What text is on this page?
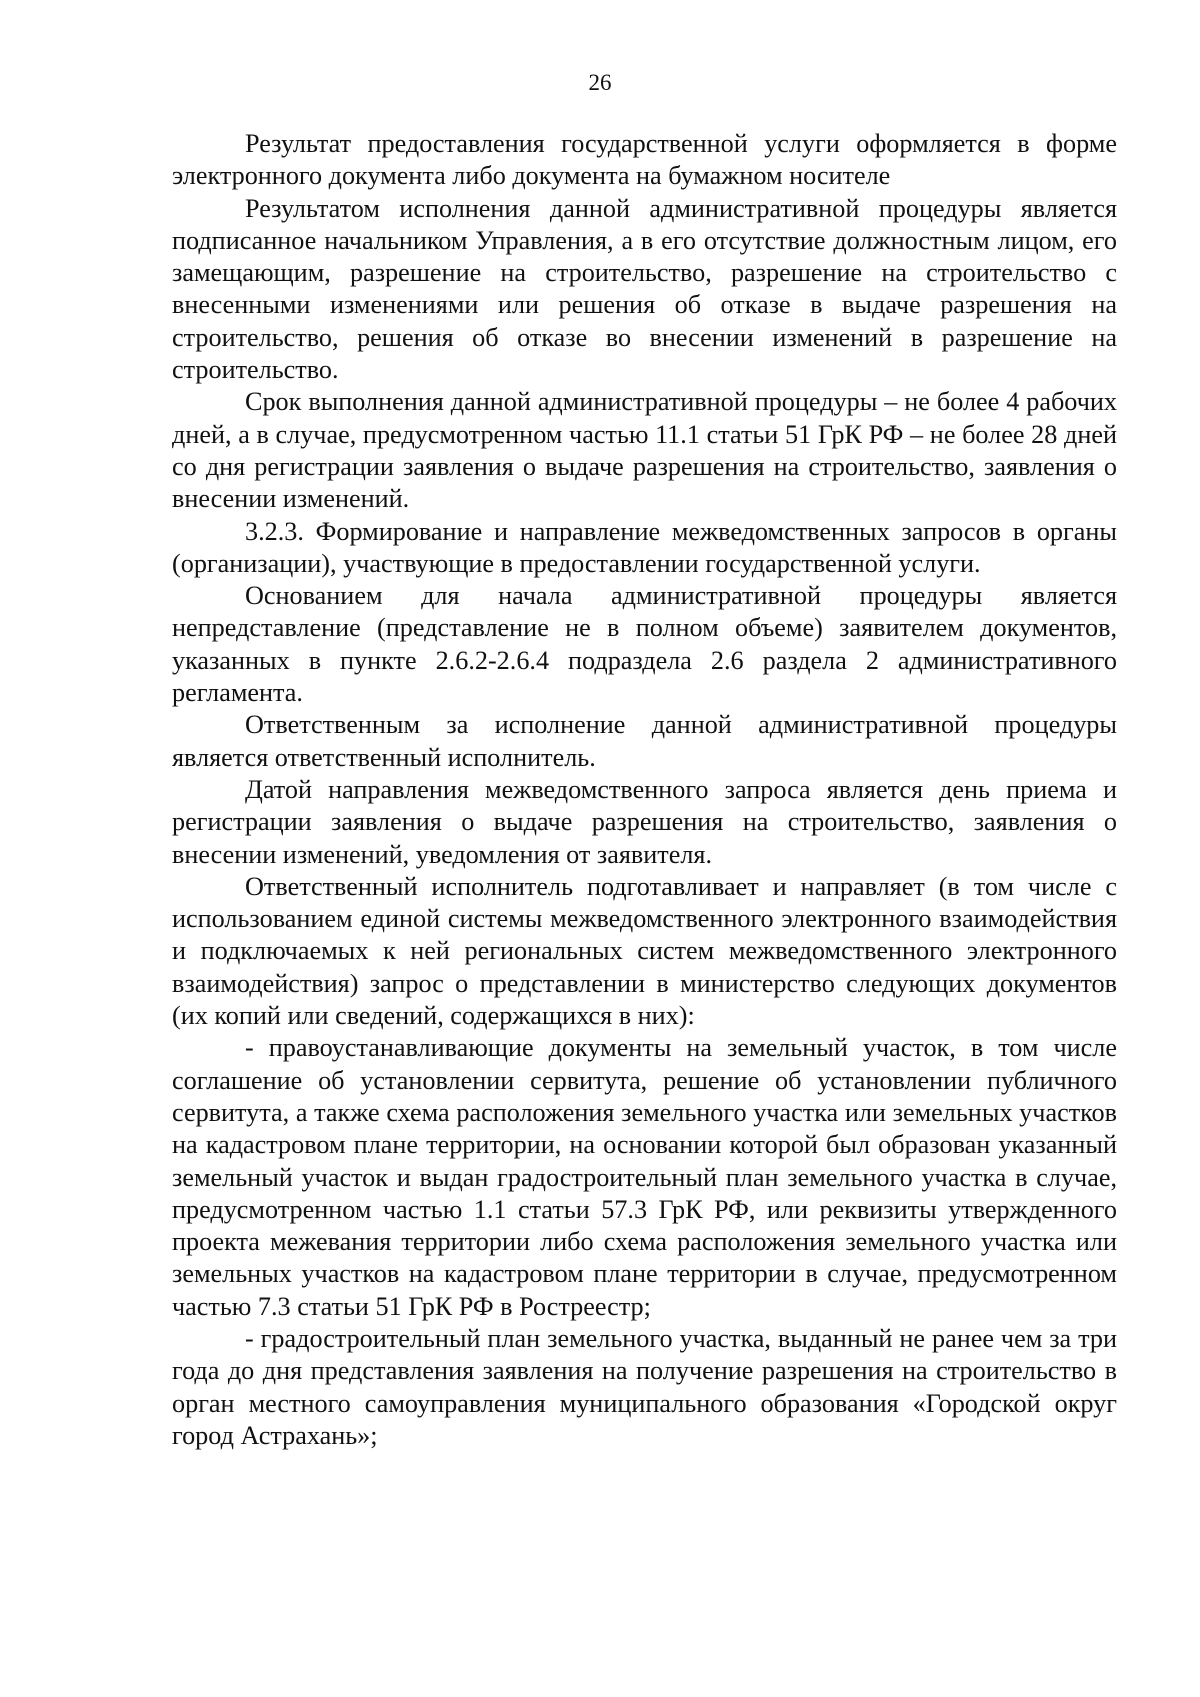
26

Результат предоставления государственной услуги оформляется в форме электронного документа либо документа на бумажном носителе

Результатом исполнения данной административной процедуры является подписанное начальником Управления, а в его отсутствие должностным лицом, его замещающим, разрешение на строительство, разрешение на строительство с внесенными изменениями или решения об отказе в выдаче разрешения на строительство, решения об отказе во внесении изменений в разрешение на строительство.

Срок выполнения данной административной процедуры – не более 4 рабочих дней, а в случае, предусмотренном частью 11.1 статьи 51 ГрК РФ – не более 28 дней со дня регистрации заявления о выдаче разрешения на строительство, заявления о внесении изменений.

3.2.3. Формирование и направление межведомственных запросов в органы (организации), участвующие в предоставлении государственной услуги.

Основанием для начала административной процедуры является непредставление (представление не в полном объеме) заявителем документов, указанных в пункте 2.6.2-2.6.4 подраздела 2.6 раздела 2 административного регламента.

Ответственным за исполнение данной административной процедуры является ответственный исполнитель.

Датой направления межведомственного запроса является день приема и регистрации заявления о выдаче разрешения на строительство, заявления о внесении изменений, уведомления от заявителя.

Ответственный исполнитель подготавливает и направляет (в том числе с использованием единой системы межведомственного электронного взаимодействия и подключаемых к ней региональных систем межведомственного электронного взаимодействия) запрос о представлении в министерство следующих документов (их копий или сведений, содержащихся в них):

- правоустанавливающие документы на земельный участок, в том числе соглашение об установлении сервитута, решение об установлении публичного сервитута, а также схема расположения земельного участка или земельных участков на кадастровом плане территории, на основании которой был образован указанный земельный участок и выдан градостроительный план земельного участка в случае, предусмотренном частью 1.1 статьи 57.3 ГрК РФ, или реквизиты утвержденного проекта межевания территории либо схема расположения земельного участка или земельных участков на кадастровом плане территории в случае, предусмотренном частью 7.3 статьи 51 ГрК РФ в Ростреестр;

- градостроительный план земельного участка, выданный не ранее чем за три года до дня представления заявления на получение разрешения на строительство в орган местного самоуправления муниципального образования «Городской округ город Астрахань»;
